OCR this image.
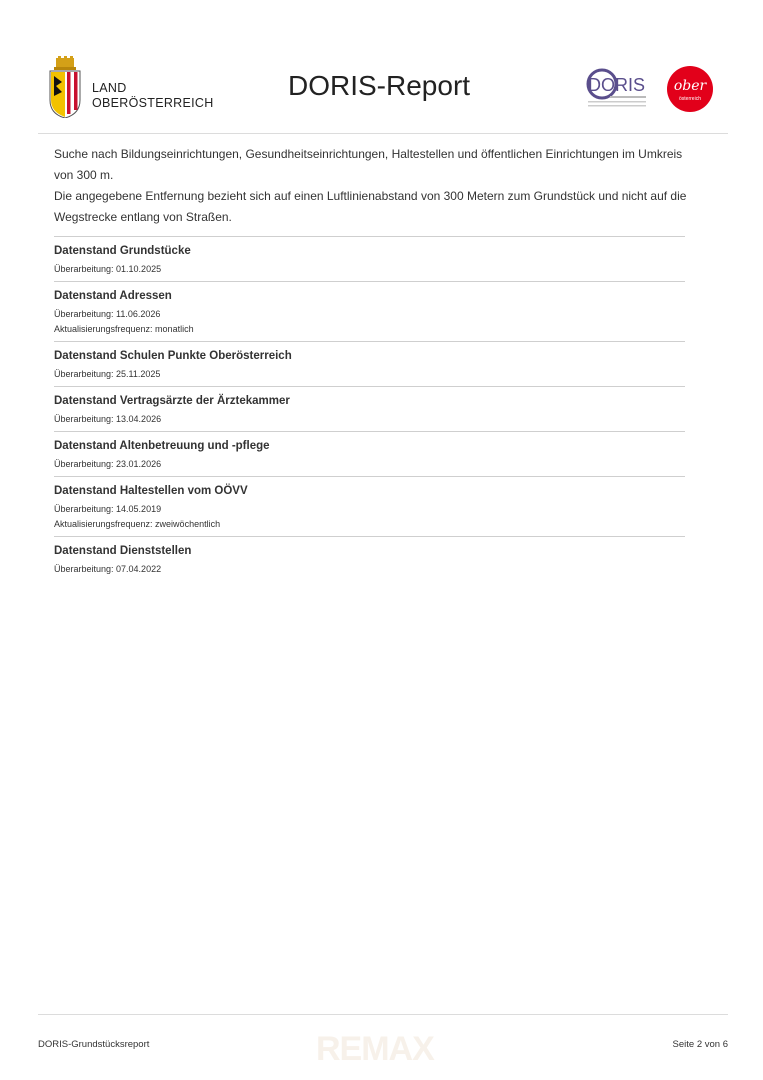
LAND
OBERÖSTERREICH
DORIS-Report	DORIS ober
österreich

Suche nach Bildungseinrichtungen, Gesundheitseinrichtungen, Haltestellen und öffentlichen Einrichtungen im Umkreis von 300 m.

Die angegebene Entfernung bezieht sich auf einen Luftlinienabstand von 300 Metern zum Grundstück und nicht auf die Wegstrecke entlang von Straßen.

Datenstand Grundstücke
Überarbeitung: 01.10.2025
Datenstand Adressen
Überarbeitung: 11.06.2026
Aktualisierungsfrequenz: monatlich
Datenstand Schulen Punkte Oberösterreich
Überarbeitung: 25.11.2025
Datenstand Vertragsärzte der Ärztekammer
Überarbeitung: 13.04.2026
Datenstand Altenbetreuung und -pflege
Überarbeitung: 23.01.2026
Datenstand Haltestellen vom OÖVV
Überarbeitung: 14.05.2019
Aktualisierungsfrequenz: zweiwöchentlich
Datenstand Dienststellen
Überarbeitung: 07.04.2022
REMAX
DORIS-Grundstücksreport	Seite 2 von 6
